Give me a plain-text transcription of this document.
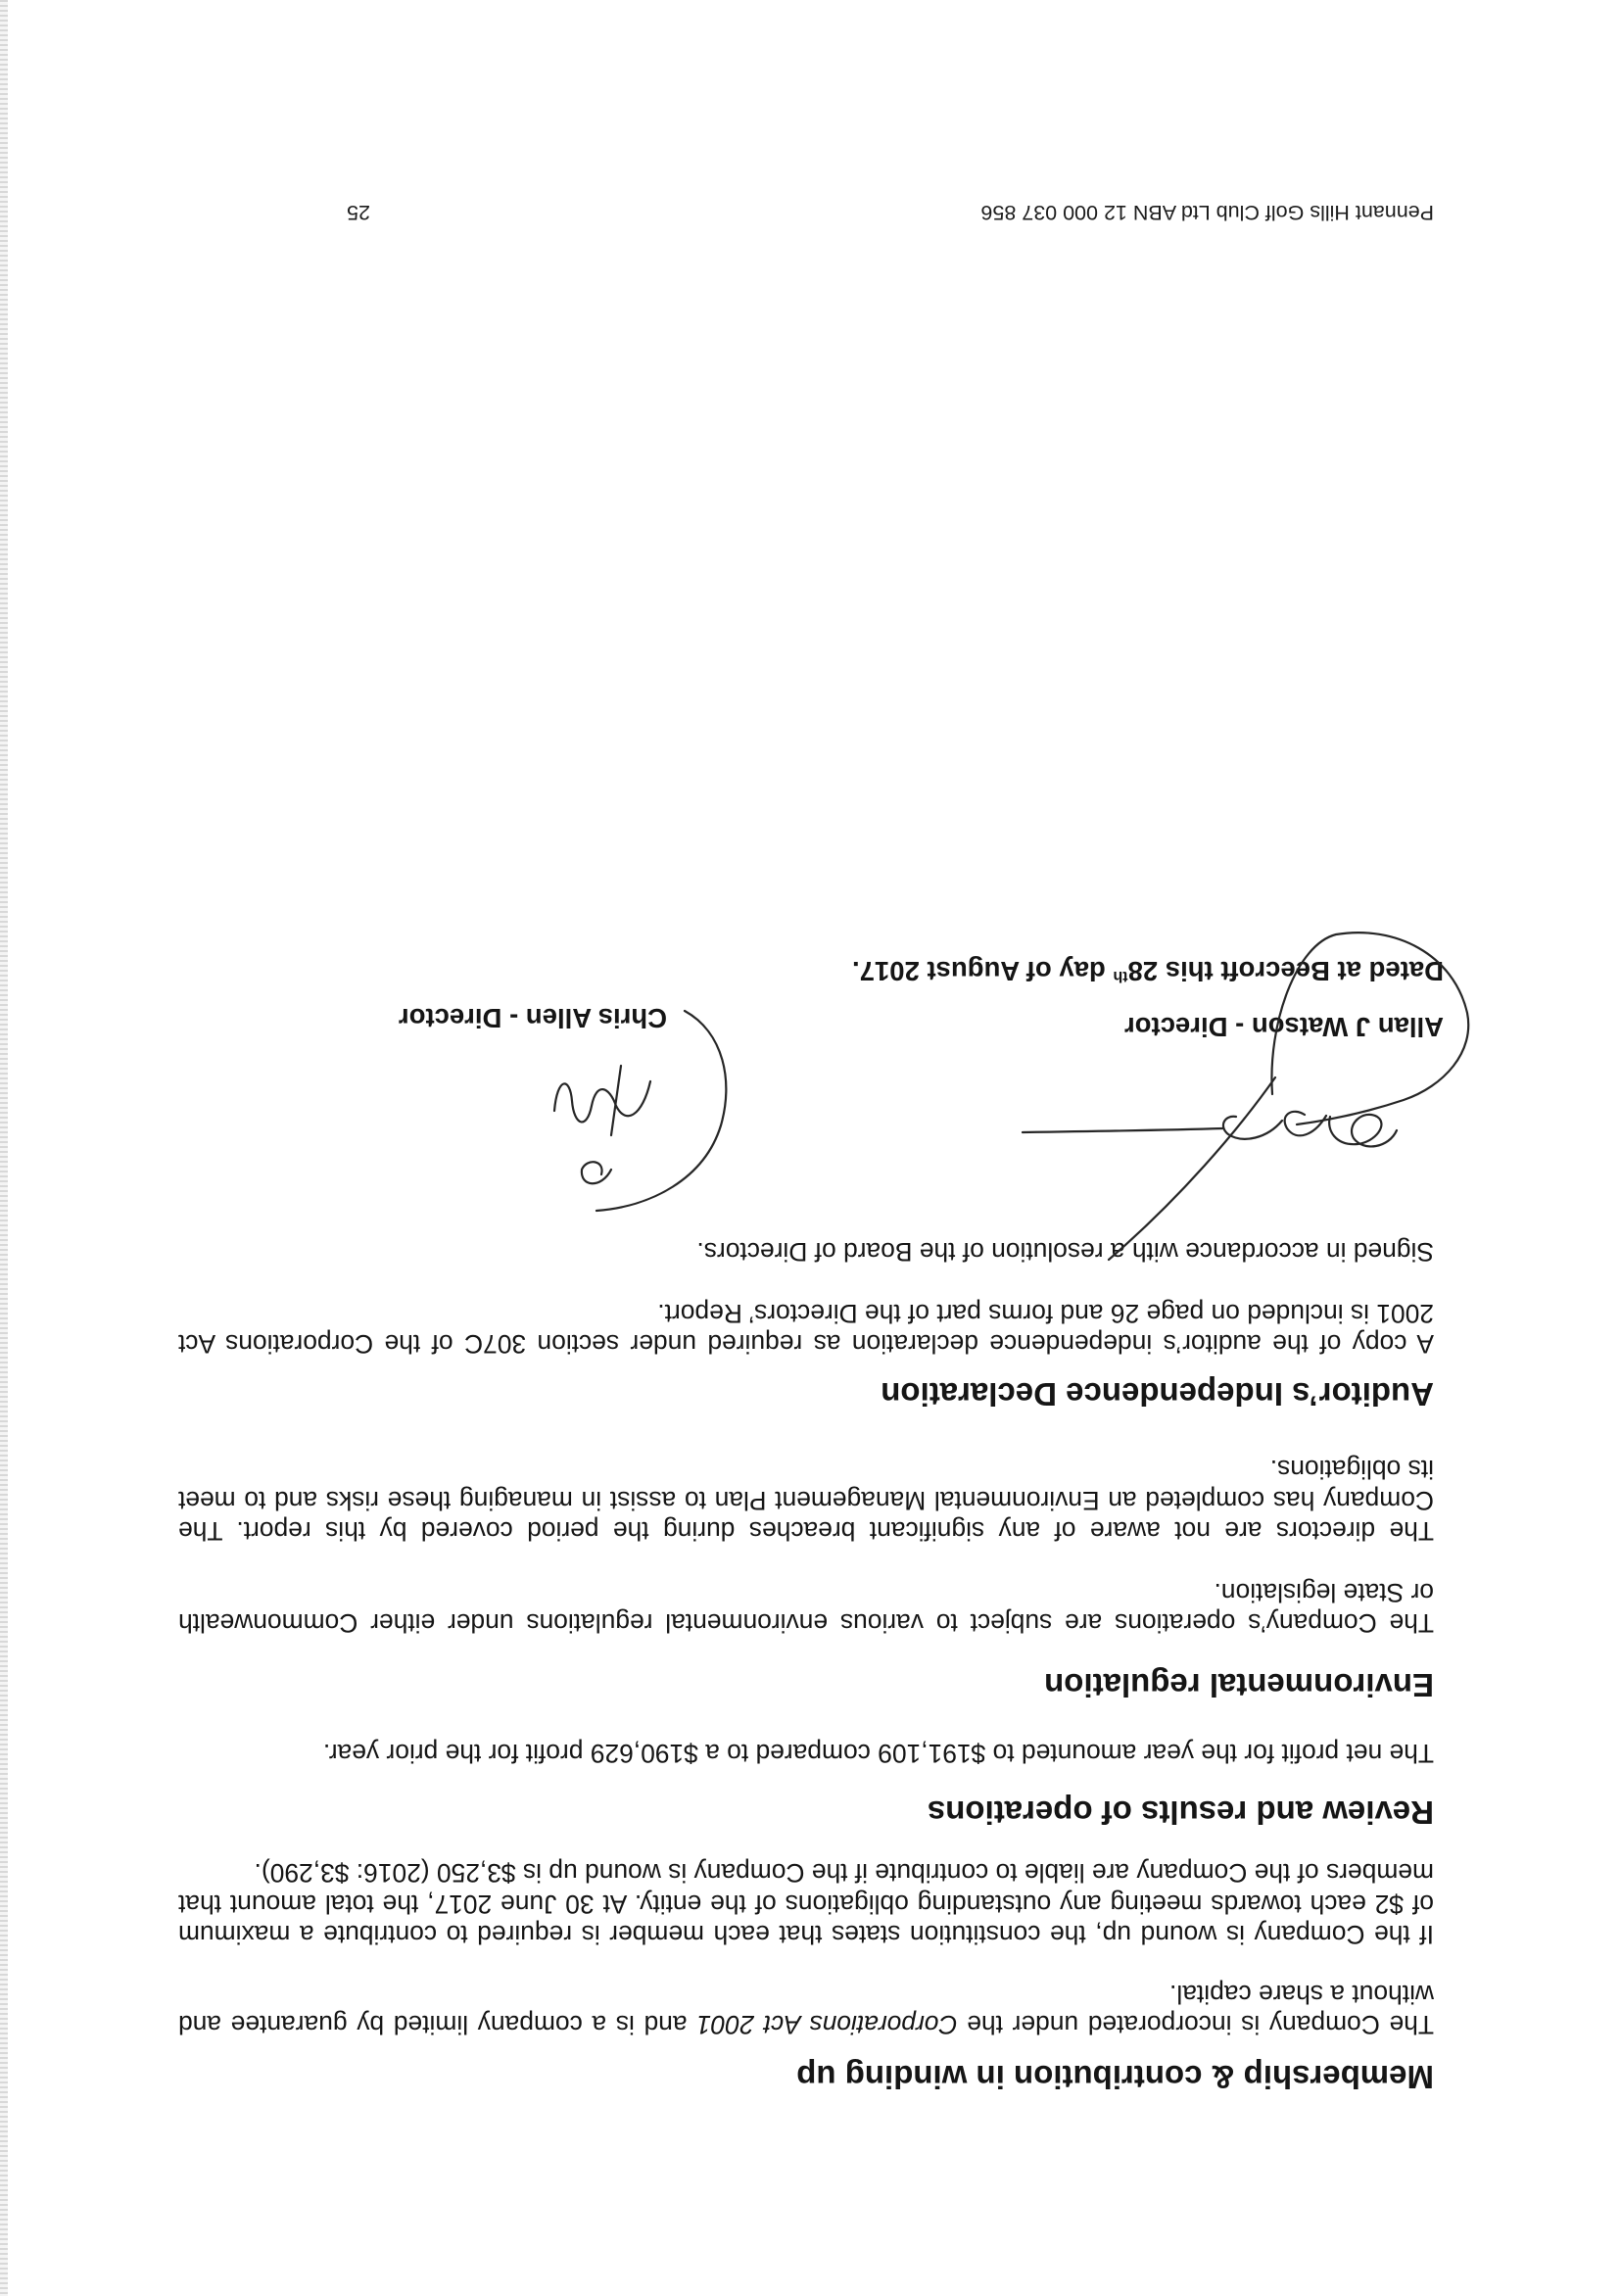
Membership & contribution in winding up
The Company is incorporated under the Corporations Act 2001 and is a company limited by guarantee and
without a share capital.
If the Company is wound up, the constitution states that each member is required to contribute a maximum
of $2 each towards meeting any outstanding obligations of the entity. At 30 June 2017, the total amount that
members of the Company are liable to contribute if the Company is wound up is $3,250 (2016: $3,290).
Review and results of operations
The net profit for the year amounted to $191,109 compared to a $190,629 profit for the prior year.
Environmental regulation
The Company’s operations are subject to various environmental regulations under either Commonwealth
or State legislation.
The directors are not aware of any significant breaches during the period covered by this report. The
Company has completed an Environmental Management Plan to assist in managing these risks and to meet
its obligations.
Auditor’s Independence Declaration
A copy of the auditor’s independence declaration as required under section 307C of the Corporations Act
2001 is included on page 26 and forms part of the Directors’ Report.
Signed in accordance with a resolution of the Board of Directors.
Allan J Watson - Director
Chris Allen - Director
Dated at Beecroft this 28th day of August 2017.
Pennant Hills Golf Club Ltd ABN 12 000 037 856
25
